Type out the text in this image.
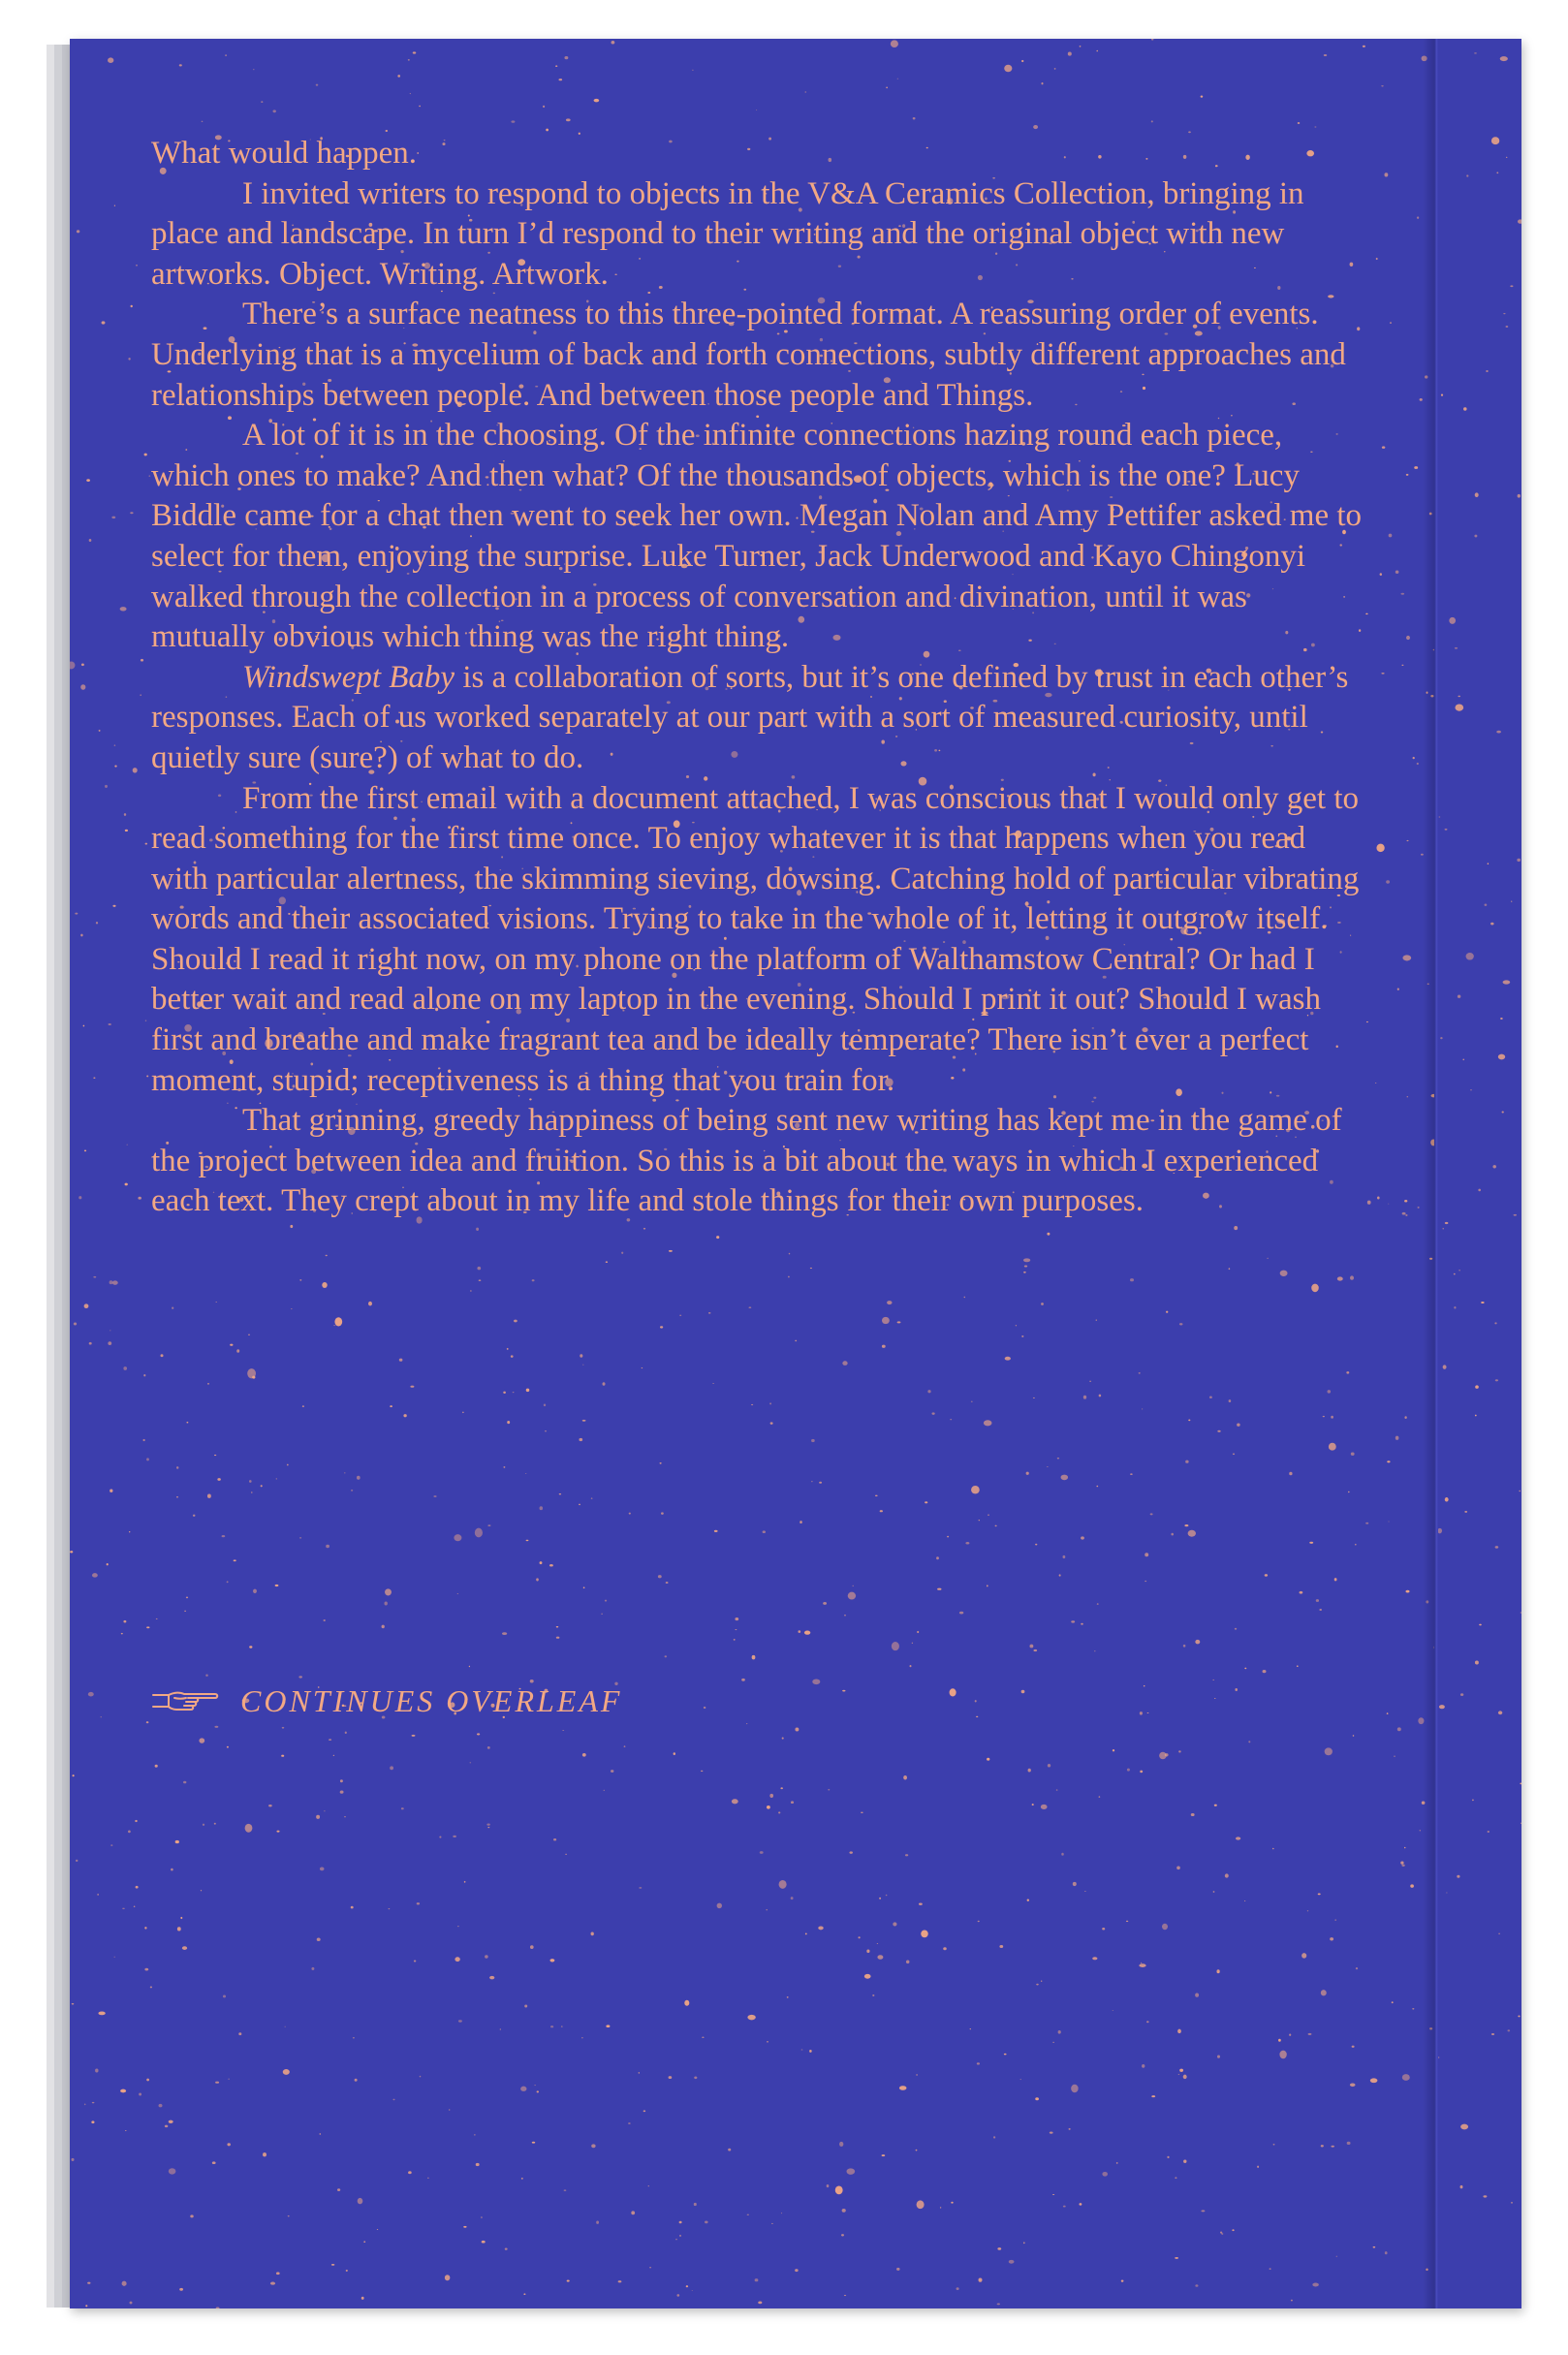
What would happen.

I invited writers to respond to objects in the V&A Ceramics Collection, bringing in place and landscape. In turn I’d respond to their writing and the original object with new artworks. Object. Writing. Artwork.

There’s a surface neatness to this three-pointed format. A reassuring order of events. Underlying that is a mycelium of back and forth connections, subtly different approaches and relationships between people. And between those people and Things.

A lot of it is in the choosing. Of the infinite connections hazing round each piece, which ones to make? And then what? Of the thousands of objects, which is the one? Lucy Biddle came for a chat then went to seek her own. Megan Nolan and Amy Pettifer asked me to select for them, enjoying the surprise. Luke Turner, Jack Underwood and Kayo Chingonyi walked through the collection in a process of conversation and divination, until it was mutually obvious which thing was the right thing.

Windswept Baby is a collaboration of sorts, but it’s one defined by trust in each other’s responses. Each of us worked separately at our part with a sort of measured curiosity, until quietly sure (sure?) of what to do.

From the first email with a document attached, I was conscious that I would only get to read something for the first time once. To enjoy whatever it is that happens when you read with particular alertness, the skimming sieving, dowsing. Catching hold of particular vibrating words and their associated visions. Trying to take in the whole of it, letting it outgrow itself. Should I read it right now, on my phone on the platform of Walthamstow Central? Or had I better wait and read alone on my laptop in the evening. Should I print it out? Should I wash first and breathe and make fragrant tea and be ideally temperate? There isn’t ever a perfect moment, stupid; receptiveness is a thing that you train for.

That grinning, greedy happiness of being sent new writing has kept me in the game of the project between idea and fruition. So this is a bit about the ways in which I experienced each text. They crept about in my life and stole things for their own purposes.

CONTINUES OVERLEAF
